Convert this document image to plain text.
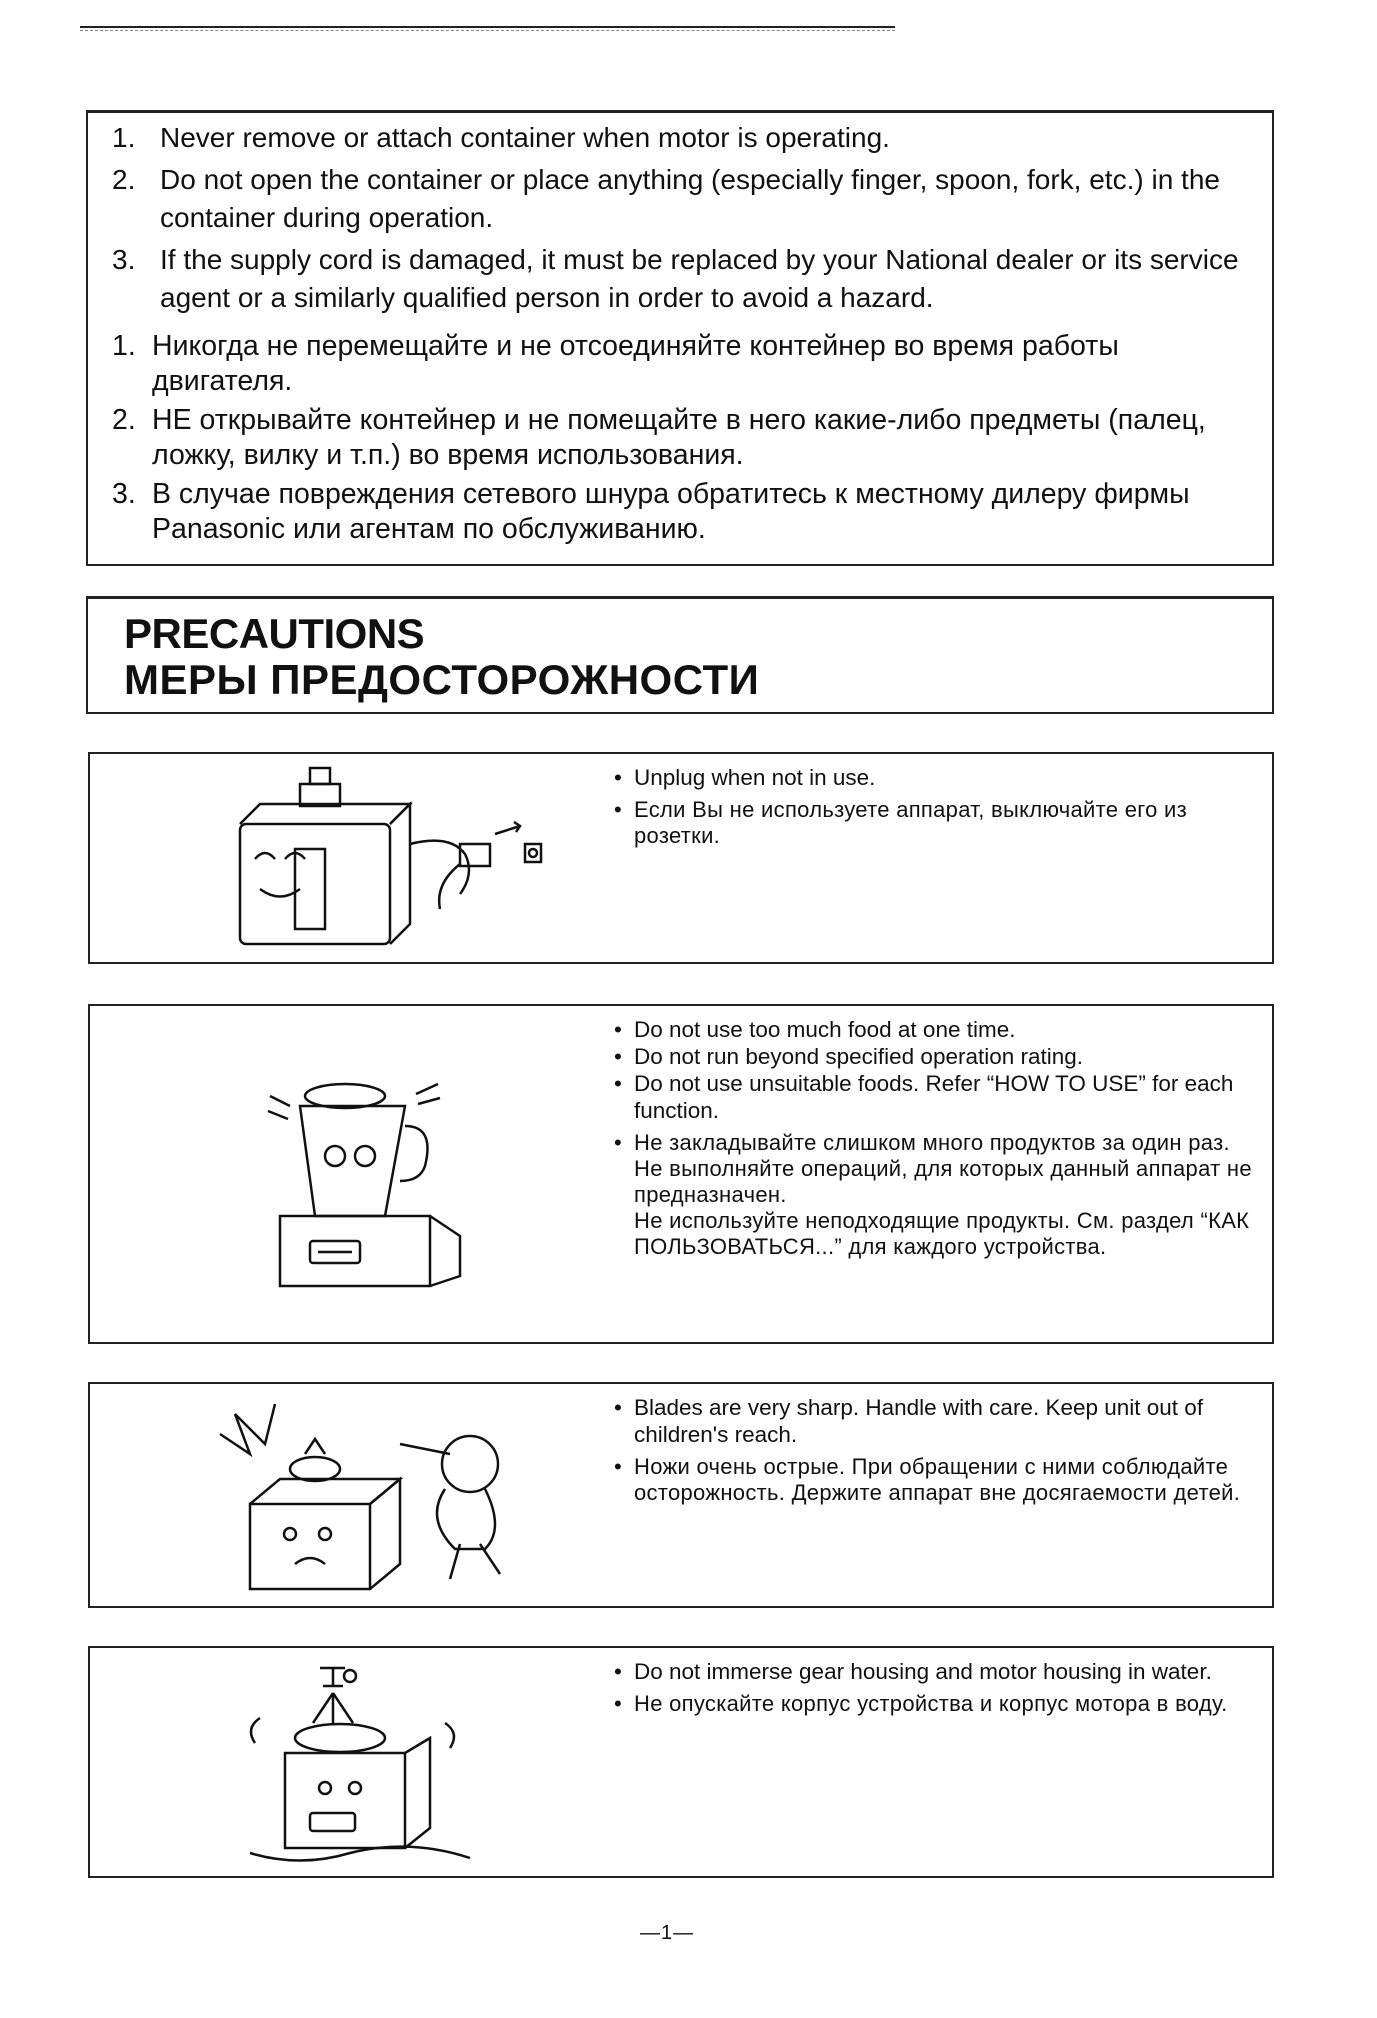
1. Never remove or attach container when motor is operating.
2. Do not open the container or place anything (especially finger, spoon, fork, etc.) in the container during operation.
3. If the supply cord is damaged, it must be replaced by your National dealer or its service agent or a similarly qualified person in order to avoid a hazard.
1. Никогда не перемещайте и не отсоединяйте контейнер во время работы двигателя.
2. НЕ открывайте контейнер и не помещайте в него какие-либо предметы (палец, ложку, вилку и т.п.) во время использования.
3. В случае повреждения сетевого шнура обратитесь к местному дилеру фирмы Panasonic или агентам по обслуживанию.
PRECAUTIONS
МЕРЫ ПРЕДОСТОРОЖНОСТИ
• Unplug when not in use.
• Если Вы не используете аппарат, выключайте его из розетки.
• Do not use too much food at one time.
• Do not run beyond specified operation rating.
• Do not use unsuitable foods. Refer “HOW TO USE” for each function.
• Не закладывайте слишком много продуктов за один раз.
Не выполняйте операций, для которых данный аппарат не предназначен.
Не используйте неподходящие продукты. См. раздел “КАК ПОЛЬЗОВАТЬСЯ...” для каждого устройства.
• Blades are very sharp. Handle with care. Keep unit out of children's reach.
• Ножи очень острые. При обращении с ними соблюдайте осторожность. Держите аппарат вне досягаемости детей.
• Do not immerse gear housing and motor housing in water.
• Не опускайте корпус устройства и корпус мотора в воду.
—1—
